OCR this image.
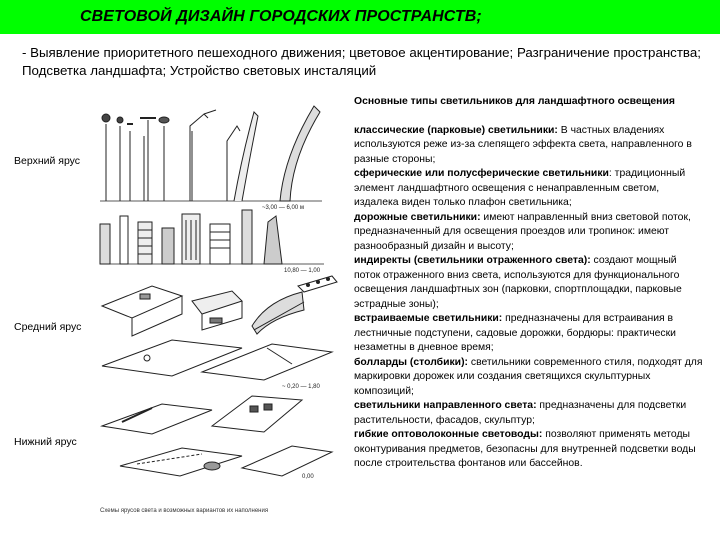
СВЕТОВОЙ ДИЗАЙН ГОРОДСКИХ ПРОСТРАНСТВ;
- Выявление приоритетного пешеходного движения; цветовое акцентирование; Разграничение пространства; Подсветка ландшафта; Устройство световых инсталяций
Верхний ярус
Средний ярус
Нижний ярус
~3,00 — 6,00 м
10,80 — 1,00
~ 0,20 — 1,80
0,00
Схемы ярусов света и возможных вариантов их наполнения
Основные типы светильников для ландшафтного освещения

классические (парковые) светильники: В частных владениях используются реже из-за слепящего эффекта света, направленного в разные стороны;

сферические или полусферические светильники: традиционный элемент ландшафтного освещения с ненаправленным светом, издалека виден только плафон светильника;

дорожные светильники: имеют направленный вниз световой поток, предназначенный для освещения проездов или тропинок: имеют разнообразный дизайн и высоту;

индиректы (светильники отраженного света): создают мощный поток отраженного вниз света, используются для функционального освещения ландшафтных зон (парковки, спортплощадки, парковые эстрадные зоны);

встраиваемые светильники: предназначены для встраивания в лестничные подступени, садовые дорожки, бордюры: практически незаметны в дневное время;

болларды (столбики): светильники современного стиля, подходят для маркировки дорожек или создания светящихся скульптурных композиций;

светильники направленного света: предназначены для подсветки растительности, фасадов, скульптур;

гибкие оптоволоконные световоды: позволяют применять методы оконтуривания предметов, безопасны для внутренней подсветки воды после строительства фонтанов или бассейнов.
